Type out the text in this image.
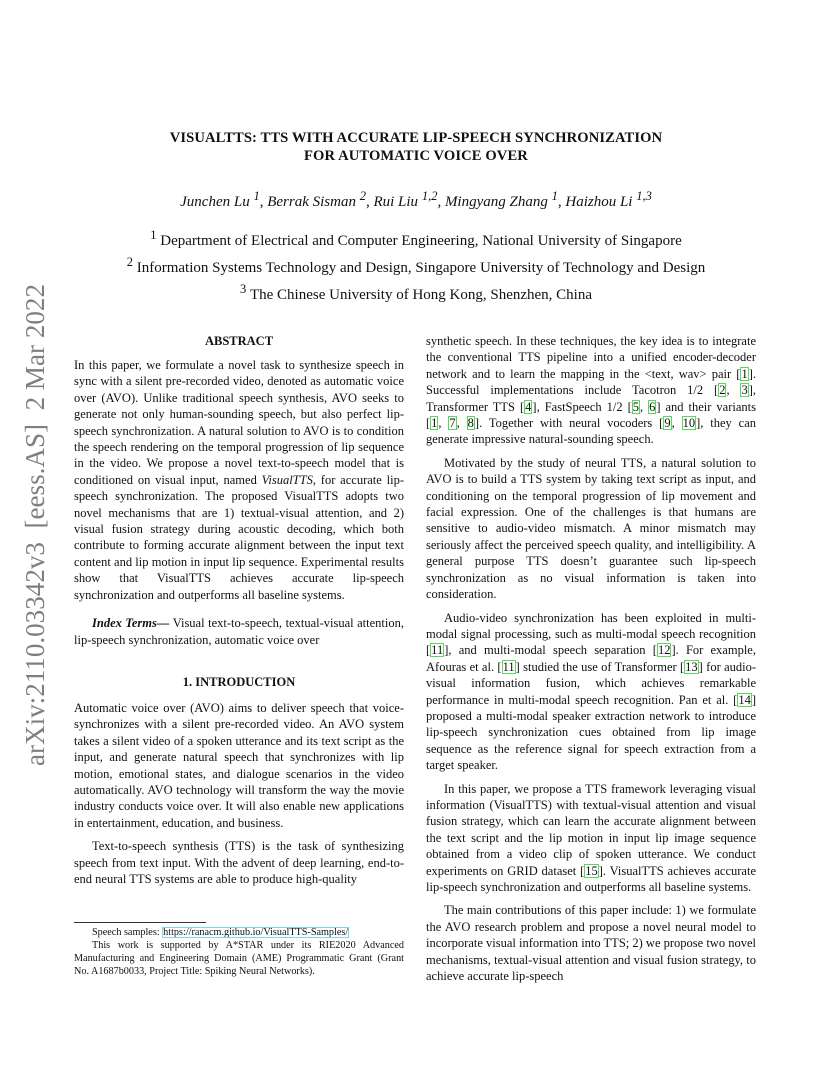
arXiv:2110.03342v3  [eess.AS]  2 Mar 2022
VISUALTTS: TTS WITH ACCURATE LIP-SPEECH SYNCHRONIZATION
FOR AUTOMATIC VOICE OVER
Junchen Lu $^1$, Berrak Sisman $^2$, Rui Liu $^{1,2}$, Mingyang Zhang $^1$, Haizhou Li $^{1,3}$
$^1$ Department of Electrical and Computer Engineering, National University of Singapore
$^2$ Information Systems Technology and Design, Singapore University of Technology and Design
$^3$ The Chinese University of Hong Kong, Shenzhen, China
ABSTRACT

In this paper, we formulate a novel task to synthesize speech in sync with a silent pre-recorded video, denoted as automatic voice over (AVO). Unlike traditional speech synthesis, AVO seeks to generate not only human-sounding speech, but also perfect lip-speech synchronization. A natural solution to AVO is to condition the speech rendering on the temporal progression of lip sequence in the video. We propose a novel text-to-speech model that is conditioned on visual input, named VisualTTS, for accurate lip-speech synchronization. The proposed VisualTTS adopts two novel mechanisms that are 1) textual-visual attention, and 2) visual fusion strategy during acoustic decoding, which both contribute to forming accurate alignment between the input text content and lip motion in input lip sequence. Experimental results show that VisualTTS achieves accurate lip-speech synchronization and outperforms all baseline systems.

Index Terms— Visual text-to-speech, textual-visual attention, lip-speech synchronization, automatic voice over

1. INTRODUCTION

Automatic voice over (AVO) aims to deliver speech that voice-synchronizes with a silent pre-recorded video. An AVO system takes a silent video of a spoken utterance and its text script as the input, and generate natural speech that synchronizes with lip motion, emotional states, and dialogue scenarios in the video automatically. AVO technology will transform the way the movie industry conducts voice over. It will also enable new applications in entertainment, education, and business.

Text-to-speech synthesis (TTS) is the task of synthesizing speech from text input. With the advent of deep learning, end-to-end neural TTS systems are able to produce high-quality

Speech samples: https://ranacm.github.io/VisualTTS-Samples/

This work is supported by A*STAR under its RIE2020 Advanced Manufacturing and Engineering Domain (AME) Programmatic Grant (Grant No. A1687b0033, Project Title: Spiking Neural Networks).

synthetic speech. In these techniques, the key idea is to integrate the conventional TTS pipeline into a unified encoder-decoder network and to learn the mapping in the <text, wav> pair [1]. Successful implementations include Tacotron 1/2 [2, 3], Transformer TTS [4], FastSpeech 1/2 [5, 6] and their variants [1, 7, 8]. Together with neural vocoders [9, 10], they can generate impressive natural-sounding speech.

Motivated by the study of neural TTS, a natural solution to AVO is to build a TTS system by taking text script as input, and conditioning on the temporal progression of lip movement and facial expression. One of the challenges is that humans are sensitive to audio-video mismatch. A minor mismatch may seriously affect the perceived speech quality, and intelligibility. A general purpose TTS doesn’t guarantee such lip-speech synchronization as no visual information is taken into consideration.

Audio-video synchronization has been exploited in multi-modal signal processing, such as multi-modal speech recognition [11], and multi-modal speech separation [12]. For example, Afouras et al. [11] studied the use of Transformer [13] for audio-visual information fusion, which achieves remarkable performance in multi-modal speech recognition. Pan et al. [14] proposed a multi-modal speaker extraction network to introduce lip-speech synchronization cues obtained from lip image sequence as the reference signal for speech extraction from a target speaker.

In this paper, we propose a TTS framework leveraging visual information (VisualTTS) with textual-visual attention and visual fusion strategy, which can learn the accurate alignment between the text script and the lip motion in input lip image sequence obtained from a video clip of spoken utterance. We conduct experiments on GRID dataset [15]. VisualTTS achieves accurate lip-speech synchronization and outperforms all baseline systems.

The main contributions of this paper include: 1) we formulate the AVO research problem and propose a novel neural model to incorporate visual information into TTS; 2) we propose two novel mechanisms, textual-visual attention and visual fusion strategy, to achieve accurate lip-speech
